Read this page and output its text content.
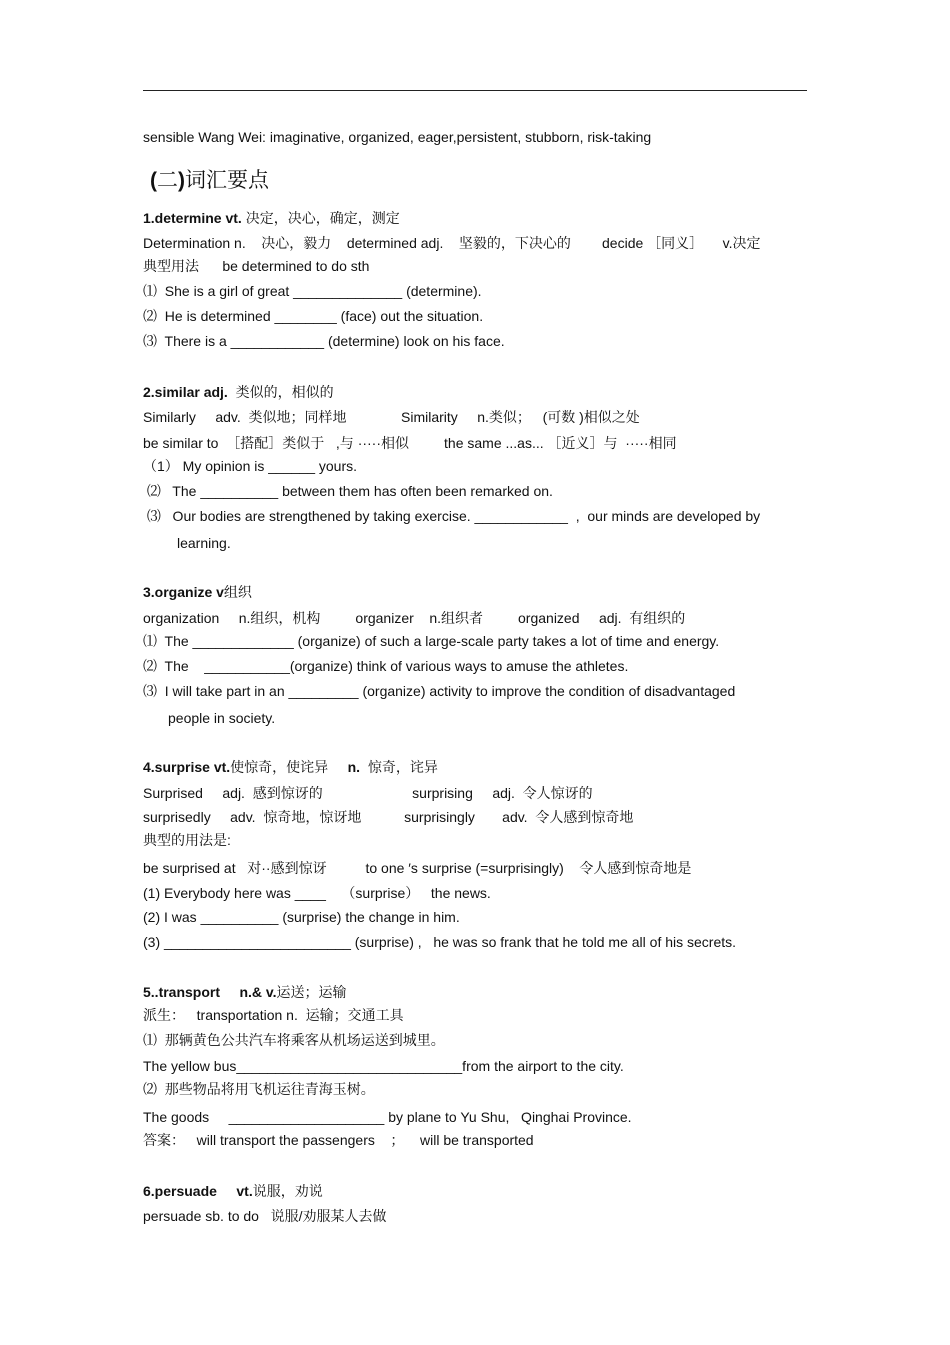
sensible Wang Wei: imaginative, organized, eager,persistent, stubborn, risk-taking
(二)词汇要点
1.determine vt. 决定，决心，确定，测定
Determination n.    决心，毅力    determined adj.    坚毅的，下决心的        decide ［同义］     v.决定
典型用法      be determined to do sth
⑴  She is a girl of great ______________ (determine).
⑵  He is determined ________ (face) out the situation.
⑶  There is a ____________ (determine) look on his face.
2.similar adj.  类似的，相似的
Similarly     adv.  类似地；同样地              Similarity     n.类似；   (可数 )相似之处
be similar to  ［搭配］类似于   ,与 ·····相似         the same ...as... ［近义］与  ·····相同
（1） My opinion is ______ yours.
⑵   The __________ between them has often been remarked on.
⑶   Our bodies are strengthened by taking exercise. ____________  ,  our minds are developed by
learning.
3.organize v组织
organization     n.组织，机构         organizer    n.组织者         organized     adj.  有组织的
⑴  The _____________ (organize) of such a large-scale party takes a lot of time and energy.
⑵  The    ___________(organize) think of various ways to amuse the athletes.
⑶  I will take part in an _________ (organize) activity to improve the condition of disadvantaged
people in society.
4.surprise vt.使惊奇，使诧异     n.  惊奇，诧异
Surprised     adj.  感到惊讶的                       surprising     adj.  令人惊讶的
surprisedly     adv.  惊奇地，惊讶地           surprisingly       adv.  令人感到惊奇地
典型的用法是:
be surprised at   对··感到惊讶          to one ′s surprise (=surprisingly)    令人感到惊奇地是
(1) Everybody here was ____    （surprise）   the news.
(2) I was __________ (surprise) the change in him.
(3) ________________________ (surprise) ,   he was so frank that he told me all of his secrets.
5..transport     n.& v.运送；运输
派生：   transportation n.  运输；交通工具
⑴  那辆黄色公共汽车将乘客从机场运送到城里。
The yellow bus_____________________________from the airport to the city.
⑵  那些物品将用飞机运往青海玉树。
The goods     ____________________ by plane to Yu Shu,   Qinghai Province.
答案：   will transport the passengers    ；    will be transported
6.persuade     vt.说服，劝说
persuade sb. to do   说服/劝服某人去做
